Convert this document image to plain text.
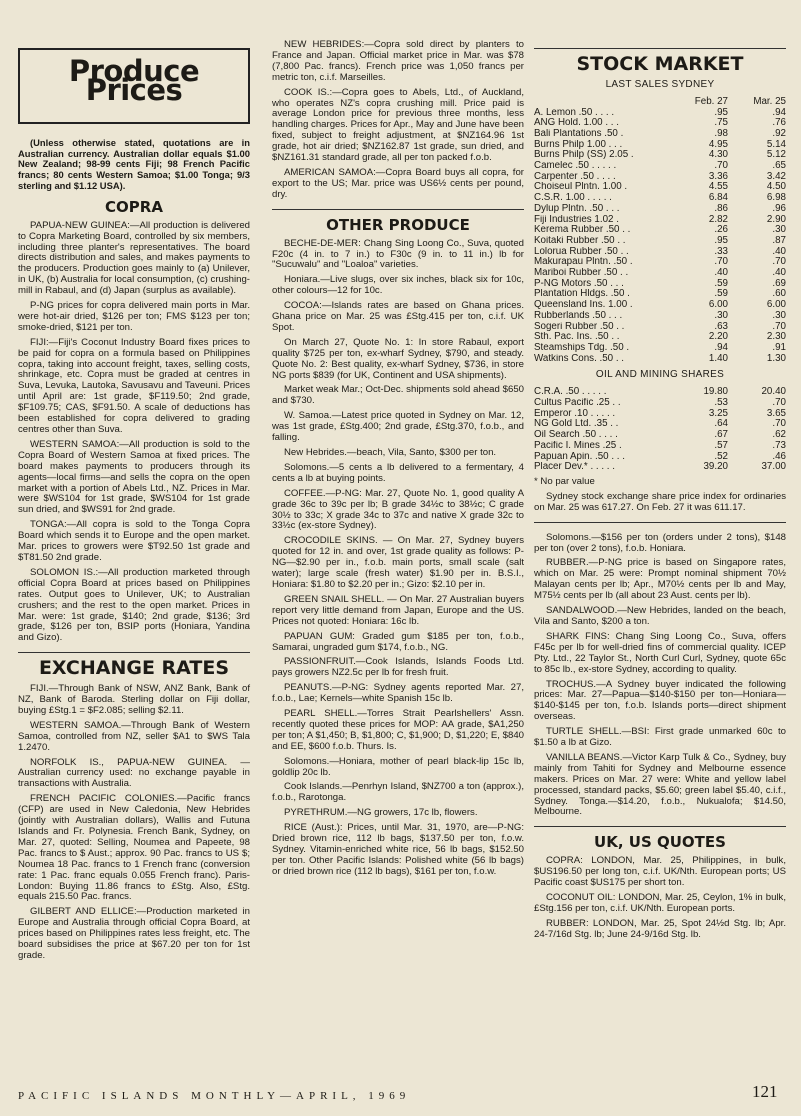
Produce Prices

(Unless otherwise stated, quotations are in Australian currency. Australian dollar equals $1.00 New Zealand; 98-99 cents Fiji; 98 French Pacific francs; 80 cents Western Samoa; $1.00 Tonga; 9/3 sterling and $1.12 USA).

COPRA

PAPUA-NEW GUINEA:—All production is delivered to Copra Marketing Board, controlled by six members, including three planter's representatives. The board directs distribution and sales, and makes payments to the producers. Production goes mainly to (a) Unilever, in UK, (b) Australia for local consumption, (c) crushing-mill in Rabaul, and (d) Japan (surplus as available).

P-NG prices for copra delivered main ports in Mar. were hot-air dried, $126 per ton; FMS $123 per ton; smoke-dried, $121 per ton.

FIJI:—Fiji's Coconut Industry Board fixes prices to be paid for copra on a formula based on Philippines copra, taking into account freight, taxes, selling costs, shrinkage, etc. Copra must be graded at centres in Suva, Levuka, Lautoka, Savusavu and Taveuni. Prices until April are: 1st grade, $F119.50; 2nd grade, $F109.75; CAS, $F91.50. A scale of deductions has been established for copra delivered to grading centres other than Suva.

WESTERN SAMOA:—All production is sold to the Copra Board of Western Samoa at fixed prices. The board makes payments to producers through its agents—local firms—and sells the copra on the open market with a portion of Abels Ltd., NZ. Prices in Mar. were $WS104 for 1st grade, $WS104 for 1st grade sun dried, and $WS91 for 2nd grade.

TONGA:—All copra is sold to the Tonga Copra Board which sends it to Europe and the open market. Mar. prices to growers were $T92.50 1st grade and $T81.50 2nd grade.

SOLOMON IS.:—All production marketed through official Copra Board at prices based on Philippines rates. Output goes to Unilever, UK; to Australian crushers; and the rest to the open market. Prices in Mar. were: 1st grade, $140; 2nd grade, $136; 3rd grade, $126 per ton, BSIP ports (Honiara, Yandina and Gizo).

EXCHANGE RATES

FIJI.—Through Bank of NSW, ANZ Bank, Bank of NZ, Bank of Baroda. Sterling dollar on Fiji dollar, buying £Stg.1 = $F2.085; selling $2.11.

WESTERN SAMOA.—Through Bank of Western Samoa, controlled from NZ, seller $A1 to $WS Tala 1.2470.

NORFOLK IS., PAPUA-NEW GUINEA. — Australian currency used: no exchange payable in transactions with Australia.

FRENCH PACIFIC COLONIES.—Pacific francs (CFP) are used in New Caledonia, New Hebrides (jointly with Australian dollars), Wallis and Futuna Islands and Fr. Polynesia. French Bank, Sydney, on Mar. 27, quoted: Selling, Noumea and Papeete, 98 Pac. francs to $ Aust.; approx. 90 Pac. francs to US $; Noumea 18 Pac. francs to 1 French franc (conversion rate: 1 Pac. franc equals 0.055 French franc). Paris-London: Buying 11.86 francs to £Stg. Also, £Stg. equals 215.50 Pac. francs.

GILBERT AND ELLICE:—Production marketed in Europe and Australia through official Copra Board, at prices based on Philippines rates less freight, etc. The board subsidises the price at $67.20 per ton for 1st grade.

NEW HEBRIDES:—Copra sold direct by planters to France and Japan. Official market price in Mar. was $78 (7,800 Pac. francs). French price was 1,050 francs per metric ton, c.i.f. Marseilles.

COOK IS.:—Copra goes to Abels, Ltd., of Auckland, who operates NZ's copra crushing mill. Price paid is average London price for previous three months, less handling charges. Prices for Apr., May and June have been fixed, subject to freight adjustment, at $NZ164.96 1st grade, hot air dried; $NZ162.87 1st grade, sun dried, and $NZ161.31 standard grade, all per ton packed f.o.b.

AMERICAN SAMOA:—Copra Board buys all copra, for export to the US; Mar. price was US6½ cents per pound, dry.

OTHER PRODUCE

BECHE-DE-MER: Chang Sing Loong Co., Suva, quoted F20c (4 in. to 7 in.) to F30c (9 in. to 11 in.) lb for "Sucuwalu" and "Loaloa" varieties.

Honiara.—Live slugs, over six inches, black six for 10c, other colours—12 for 10c.

COCOA:—Islands rates are based on Ghana prices. Ghana price on Mar. 25 was £Stg.415 per ton, c.i.f. UK Spot.

On March 27, Quote No. 1: In store Rabaul, export quality $725 per ton, ex-wharf Sydney, $790, and steady. Quote No. 2: Best quality, ex-wharf Sydney, $736, in store NG ports $839 (for UK, Continent and USA shipments).

Market weak Mar.; Oct-Dec. shipments sold ahead $650 and $730.

W. Samoa.—Latest price quoted in Sydney on Mar. 12, was 1st grade, £Stg.400; 2nd grade, £Stg.370, f.o.b., and falling.

New Hebrides.—beach, Vila, Santo, $300 per ton.

Solomons.—5 cents a lb delivered to a fermentary, 4 cents a lb at buying points.

COFFEE.—P-NG: Mar. 27, Quote No. 1, good quality A grade 36c to 39c per lb; B grade 34½c to 38½c; C grade 30½ to 33c; X grade 34c to 37c and native X grade 32c to 33½c (ex-store Sydney).

CROCODILE SKINS. — On Mar. 27, Sydney buyers quoted for 12 in. and over, 1st grade quality as follows: P-NG—$2.90 per in., f.o.b. main ports, small scale (salt water); large scale (fresh water) $1.90 per in. B.S.I., Honiara: $1.80 to $2.20 per in.; Gizo: $2.10 per in.

GREEN SNAIL SHELL. — On Mar. 27 Australian buyers report very little demand from Japan, Europe and the US. Prices not quoted: Honiara: 16c lb.

PAPUAN GUM: Graded gum $185 per ton, f.o.b., Samarai, ungraded gum $174, f.o.b., NG.

PASSIONFRUIT.—Cook Islands, Islands Foods Ltd. pays growers NZ2.5c per lb for fresh fruit.

PEANUTS.—P-NG: Sydney agents reported Mar. 27, f.o.b., Lae; Kernels—white Spanish 15c lb.

PEARL SHELL.—Torres Strait Pearlshellers' Assn. recently quoted these prices for MOP: AA grade, $A1,250 per ton; A $1,450; B, $1,800; C, $1,900; D, $1,220; E, $840 and EE, $600 f.o.b. Thurs. Is.

Solomons.—Honiara, mother of pearl black-lip 15c lb, goldlip 20c lb.

Cook Islands.—Penrhyn Island, $NZ700 a ton (approx.), f.o.b., Rarotonga.

PYRETHRUM.—NG growers, 17c lb, flowers.

RICE (Aust.): Prices, until Mar. 31, 1970, are—P-NG: Dried brown rice, 112 lb bags, $137.50 per ton, f.o.w. Sydney. Vitamin-enriched white rice, 56 lb bags, $152.50 per ton. Other Pacific Islands: Polished white (56 lb bags) or dried brown rice (112 lb bags), $161 per ton, f.o.w.

STOCK MARKET
LAST SALES SYDNEY
Feb. 27	Mar. 25
A. Lemon .50 . . . .	.95	.94
ANG Hold. 1.00 . . .	.75	.76
Bali Plantations .50 .	.98	.92
Burns Philp 1.00 . . .	4.95	5.14
Burns Philp (SS) 2.05 .	4.30	5.12
Camelec .50 . . . . .	.70	.65
Carpenter .50 . . . .	3.36	3.42
Choiseul Plntn. 1.00 .	4.55	4.50
C.S.R. 1.00 . . . . .	6.84	6.98
Dylup Plntn. .50 . . .	.86	.96
Fiji Industries 1.02 .	2.82	2.90
Kerema Rubber .50 . .	.26	.30
Koitaki Rubber .50 . .	.95	.87
Lolorua Rubber .50 . .	.33	.40
Makurapau Plntn. .50 .	.70	.70
Mariboi Rubber .50 . .	.40	.40
P-NG Motors .50 . . .	.59	.69
Plantation Hldgs. .50 .	.59	.60
Queensland Ins. 1.00 .	6.00	6.00
Rubberlands .50 . . .	.30	.30
Sogeri Rubber .50 . .	.63	.70
Sth. Pac. Ins. .50 . .	2.20	2.30
Steamships Tdg. .50 .	.94	.91
Watkins Cons. .50 . .	1.40	1.30
OIL AND MINING SHARES
C.R.A. .50 . . . . .	19.80	20.40
Cultus Pacific .25 . .	.53	.70
Emperor .10 . . . . .	3.25	3.65
NG Gold Ltd. .35 . .	.64	.70
Oil Search .50 . . . .	.67	.62
Pacific I. Mines .25 .	.57	.73
Papuan Apin. .50 . . .	.52	.46
Placer Dev.* . . . . .	39.20	37.00
* No par value

Sydney stock exchange share price index for ordinaries on Mar. 25 was 617.27. On Feb. 27 it was 611.17.

Solomons.—$156 per ton (orders under 2 tons), $148 per ton (over 2 tons), f.o.b. Honiara.

RUBBER.—P-NG price is based on Singapore rates, which on Mar. 25 were: Prompt nominal shipment 70½ Malayan cents per lb; Apr., M70½ cents per lb and May, M75½ cents per lb (all about 23 Aust. cents per lb).

SANDALWOOD.—New Hebrides, landed on the beach, Vila and Santo, $200 a ton.

SHARK FINS: Chang Sing Loong Co., Suva, offers F45c per lb for well-dried fins of commercial quality. ICEP Pty. Ltd., 22 Taylor St., North Curl Curl, Sydney, quote 65c to 85c lb., ex-store Sydney, according to quality.

TROCHUS.—A Sydney buyer indicated the following prices: Mar. 27—Papua—$140-$150 per ton—Honiara—$140-$145 per ton, f.o.b. Islands ports—direct shipment overseas.

TURTLE SHELL.—BSI: First grade unmarked 60c to $1.50 a lb at Gizo.

VANILLA BEANS.—Victor Karp Tulk & Co., Sydney, buy mainly from Tahiti for Sydney and Melbourne essence makers. Prices on Mar. 27 were: White and yellow label processed, standard packs, $5.60; green label $5.40, c.i.f., Sydney. Tonga.—$14.20, f.o.b., Nukualofa; $14.50, Melbourne.

UK, US QUOTES

COPRA: LONDON, Mar. 25, Philippines, in bulk, $US196.50 per long ton, c.i.f. UK/Nth. European ports; US Pacific coast $US175 per short ton.

COCONUT OIL: LONDON, Mar. 25, Ceylon, 1% in bulk, £Stg.156 per ton, c.i.f. UK/Nth. European ports.

RUBBER: LONDON, Mar. 25, Spot 24½d Stg. lb; Apr. 24-7/16d Stg. lb; June 24-9/16d Stg. lb.

PACIFIC ISLANDS MONTHLY—APRIL, 1969	121
